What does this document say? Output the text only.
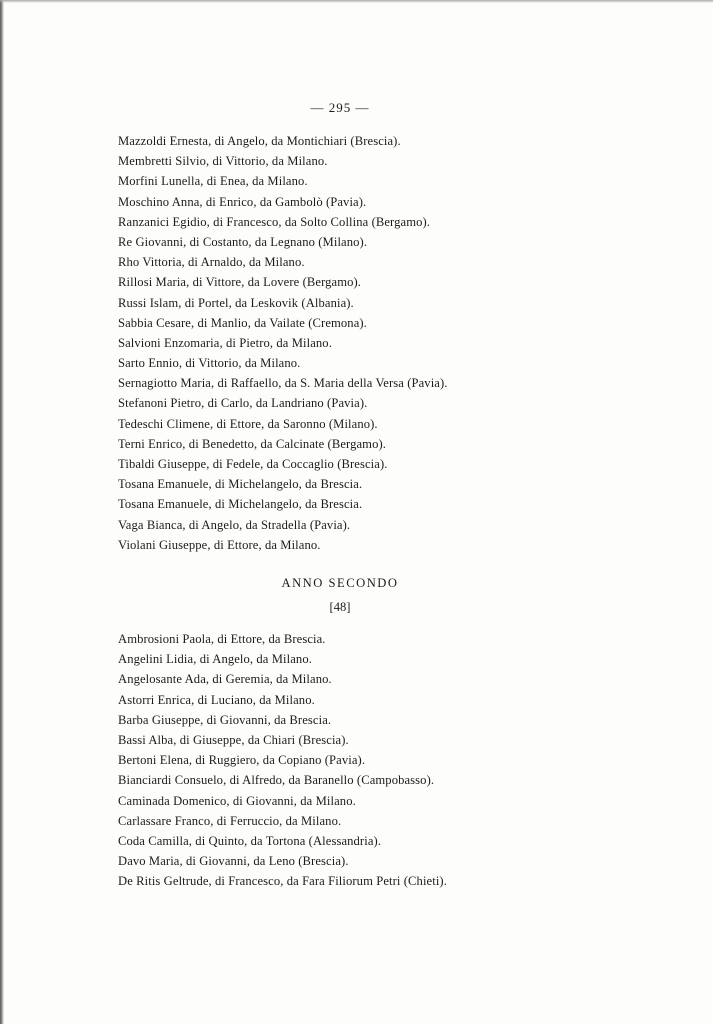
— 295 —
Mazzoldi Ernesta, di Angelo, da Montichiari (Brescia).
Membretti Silvio, di Vittorio, da Milano.
Morfini Lunella, di Enea, da Milano.
Moschino Anna, di Enrico, da Gambolò (Pavia).
Ranzanici Egidio, di Francesco, da Solto Collina (Bergamo).
Re Giovanni, di Costanto, da Legnano (Milano).
Rho Vittoria, di Arnaldo, da Milano.
Rillosi Maria, di Vittore, da Lovere (Bergamo).
Russi Islam, di Portel, da Leskovik (Albania).
Sabbia Cesare, di Manlio, da Vailate (Cremona).
Salvioni Enzomaria, di Pietro, da Milano.
Sarto Ennio, di Vittorio, da Milano.
Sernagiotto Maria, di Raffaello, da S. Maria della Versa (Pavia).
Stefanoni Pietro, di Carlo, da Landriano (Pavia).
Tedeschi Climene, di Ettore, da Saronno (Milano).
Terni Enrico, di Benedetto, da Calcinate (Bergamo).
Tibaldi Giuseppe, di Fedele, da Coccaglio (Brescia).
Tosana Emanuele, di Michelangelo, da Brescia.
Tosana Emanuele, di Michelangelo, da Brescia.
Vaga Bianca, di Angelo, da Stradella (Pavia).
Violani Giuseppe, di Ettore, da Milano.
ANNO SECONDO
[48]
Ambrosioni Paola, di Ettore, da Brescia.
Angelini Lidia, di Angelo, da Milano.
Angelosante Ada, di Geremia, da Milano.
Astorri Enrica, di Luciano, da Milano.
Barba Giuseppe, di Giovanni, da Brescia.
Bassi Alba, di Giuseppe, da Chiari (Brescia).
Bertoni Elena, di Ruggiero, da Copiano (Pavia).
Bianciardi Consuelo, di Alfredo, da Baranello (Campobasso).
Caminada Domenico, di Giovanni, da Milano.
Carlassare Franco, di Ferruccio, da Milano.
Coda Camilla, di Quinto, da Tortona (Alessandria).
Davo Maria, di Giovanni, da Leno (Brescia).
De Ritis Geltrude, di Francesco, da Fara Filiorum Petri (Chieti).
